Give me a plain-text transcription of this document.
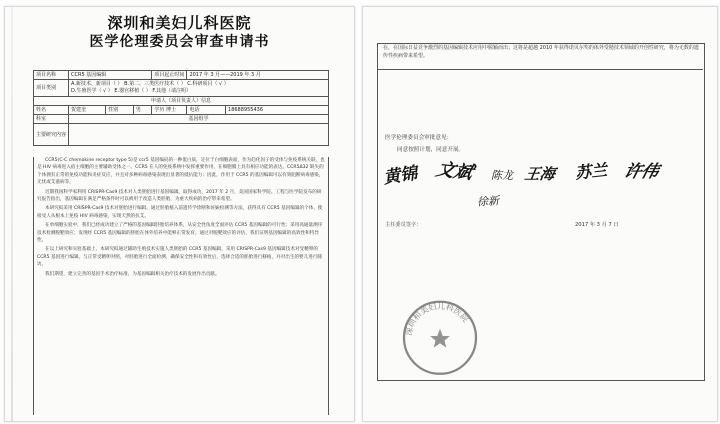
深圳和美妇儿科医院
医学伦理委员会审查申请书
项目名称	CCR5 基因编辑			项目起止时间	2017 年 3 月——2019 年 3 月	
项目类别	A.新技术、新项目（ ） B.第二、三类医疗技术（ ） C.科研项目（ √ ）
D.生殖医学（ √ ） E.器官移植（ ） F.其他（请注明）					

申请人（项目负责人）信息						
姓名	贺建奎	性别	男	学历 博士	电话	18688955436
科室	基因组学					
主要研究内容						

CCR5(C-C chemokine receptor type 5)是 ccr5 基因编码的一种蛋白质，定位于白细胞表面，作为趋化因子的受体与免疫系统关联，也是 HIV 病毒进入宿主细胞的主要辅助受体之一。CCR5 在人的免疫系统中发挥重要作用，在细胞膜上具有相应功能的表达。CCR5Δ32 缺失的个体拥有正常的免疫功能和炎症反应，并且对多种病毒感染表现出显著的抵抗能力；因此，作用于 CCR5 的基因编辑可以有效阻断病毒感染，无忧或艾滋病等。

近期我国科学家利用 CRISPR-Cas9 技术对人类胚胎进行基因编辑，取得成功，2017 年 2 月，美国国家科学院、工程与医学院发布的研究报告指出，基因编辑在满足严格条件时可以被用于改造人类胚胎，为重大疾病的治疗带来希望。

本研究拟采用 CRISPR-Cas9 技术对胚胎进行编辑，通过胚胎植入前遗传学诊断和妊娠检测等方法，获得具有 CCR5 基因编辑的个体，使接受人从根本上免疫 HIV 病毒感染，实现天然的抗艾。

在单细胞实验中，我们已经成功建立了严格的基因编辑胚胎培养体系，从安全性角度全面评估 CCR5 基因编辑的可行性；采用高通量测序技术检测脱靶效应；发现经 CCR5 基因编辑的胚胎在体外培养中能够正常发育。通过对脱靶效应的评估，我们证明基因编辑的高效性和特异性。

在以上研究和实验基础上，本研究拟通过辅助生殖技术实施人类胚胎的 CCR5 基因编辑，采用 CRISPR-Cas9 基因编辑技术对受精卵的 CCR5 基因进行编辑，与正常受精卵对照，对胚胎进行全面检测，确保安全性和有效性后，选择合适的胚胎进行移植，并对出生的婴儿进行随访。

我们期望，建立完善的基因手术治疗标准，为基因编辑相关治疗技术的发展作出贡献。

在，在国际日益竞争激烈的基因编辑技术应用中脱颖而出；这将是超越 2010 年获得诺贝尔奖的体外受精技术领域的开创性研究，将为无数的遗传性疾病带来希望。

医学伦理委员会审批意见：
同意按照计划，同意开展。
黄锦 文斌 陈龙 王海 苏兰 许伟
徐新
深圳和美妇儿科医院
主任委员签字：	2017 年 3 月 7 日
